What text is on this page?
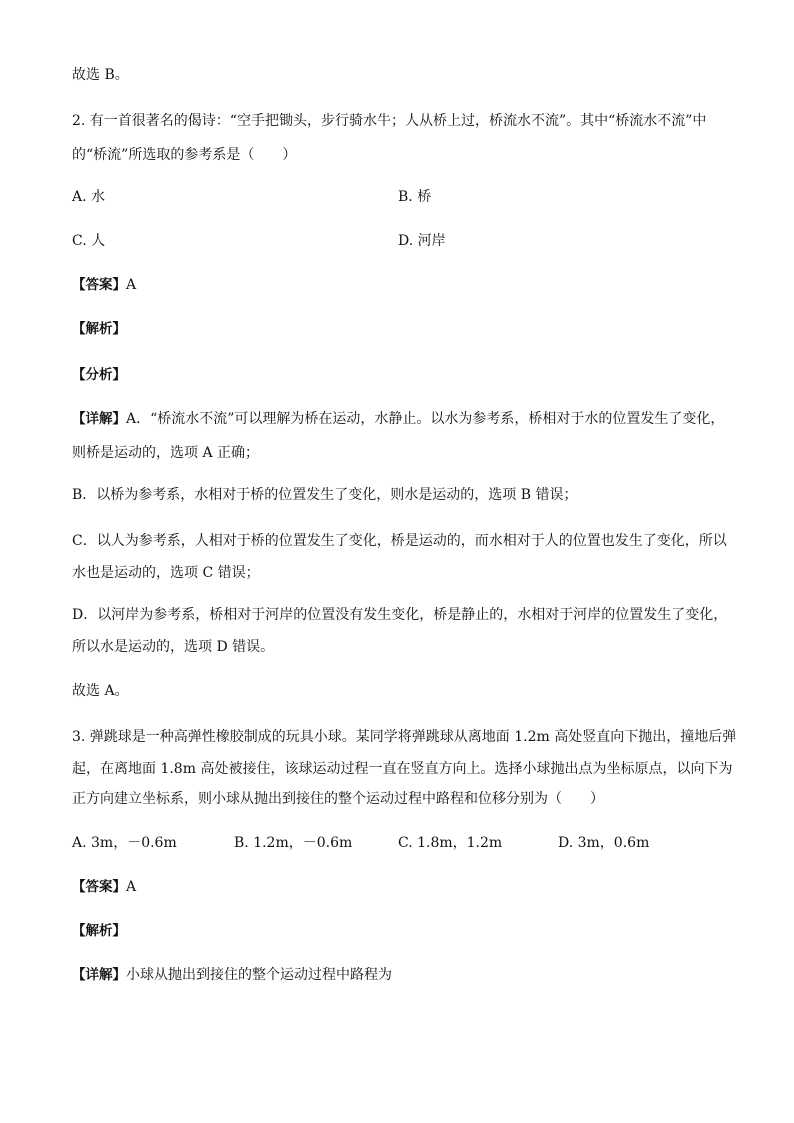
故选 B。
2. 有一首很著名的偈诗：“空手把锄头，步行骑水牛；人从桥上过，桥流水不流”。其中“桥流水不流”中
的“桥流”所选取的参考系是（　　）
A. 水	B. 桥
C. 人	D. 河岸
【答案】A
【解析】
【分析】
【详解】A．“桥流水不流”可以理解为桥在运动，水静止。以水为参考系，桥相对于水的位置发生了变化，
则桥是运动的，选项 A 正确；
B．以桥为参考系，水相对于桥的位置发生了变化，则水是运动的，选项 B 错误；
C．以人为参考系，人相对于桥的位置发生了变化，桥是运动的，而水相对于人的位置也发生了变化，所以
水也是运动的，选项 C 错误；
D．以河岸为参考系，桥相对于河岸的位置没有发生变化，桥是静止的，水相对于河岸的位置发生了变化，
所以水是运动的，选项 D 错误。
故选 A。
3. 弹跳球是一种高弹性橡胶制成的玩具小球。某同学将弹跳球从离地面 1.2m 高处竖直向下抛出，撞地后弹
起，在离地面 1.8m 高处被接住，该球运动过程一直在竖直方向上。选择小球抛出点为坐标原点，以向下为
正方向建立坐标系，则小球从抛出到接住的整个运动过程中路程和位移分别为（　　）
A. 3m，－0.6m	B. 1.2m，－0.6m	C. 1.8m，1.2m	D. 3m，0.6m
【答案】A
【解析】
【详解】小球从抛出到接住的整个运动过程中路程为
